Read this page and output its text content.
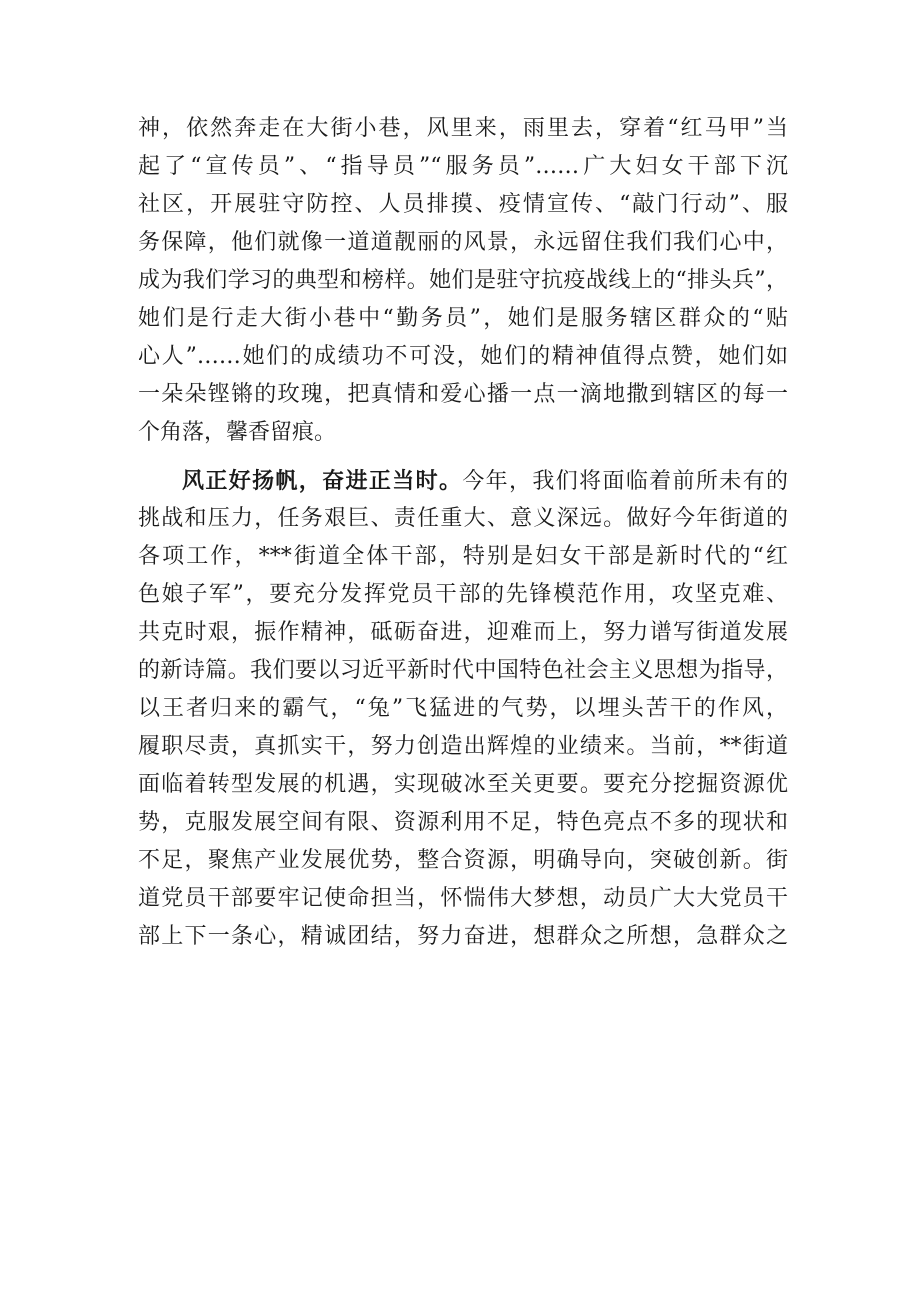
神，依然奔走在大街小巷，风里来，雨里去，穿着“红马甲”当
起了“宣传员”、“指导员”“服务员”……广大妇女干部下沉
社区，开展驻守防控、人员排摸、疫情宣传、“敲门行动”、服
务保障，他们就像一道道靓丽的风景，永远留住我们我们心中，
成为我们学习的典型和榜样。她们是驻守抗疫战线上的“排头兵”，
她们是行走大街小巷中“勤务员”，她们是服务辖区群众的“贴
心人”……她们的成绩功不可没，她们的精神值得点赞，她们如
一朵朵铿锵的玫瑰，把真情和爱心播一点一滴地撒到辖区的每一
个角落，馨香留痕。
风正好扬帆，奋进正当时。今年，我们将面临着前所未有的
挑战和压力，任务艰巨、责任重大、意义深远。做好今年街道的
各项工作，***街道全体干部，特别是妇女干部是新时代的“红
色娘子军”，要充分发挥党员干部的先锋模范作用，攻坚克难、
共克时艰，振作精神，砥砺奋进，迎难而上，努力谱写街道发展
的新诗篇。我们要以习近平新时代中国特色社会主义思想为指导，
以王者归来的霸气，“兔”飞猛进的气势，以埋头苦干的作风，
履职尽责，真抓实干，努力创造出辉煌的业绩来。当前，**街道
面临着转型发展的机遇，实现破冰至关更要。要充分挖掘资源优
势，克服发展空间有限、资源利用不足，特色亮点不多的现状和
不足，聚焦产业发展优势，整合资源，明确导向，突破创新。街
道党员干部要牢记使命担当，怀惴伟大梦想，动员广大大党员干
部上下一条心，精诚团结，努力奋进，想群众之所想，急群众之
